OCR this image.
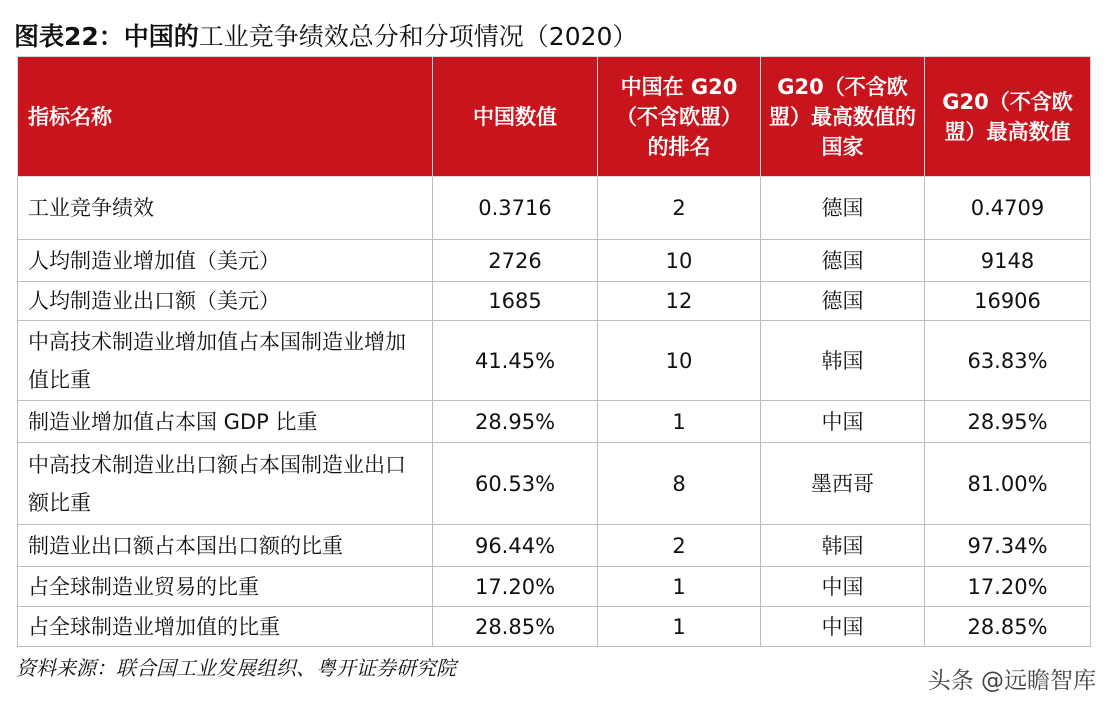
图表22：中国的工业竞争绩效总分和分项情况（2020）
指标名称	中国数值	中国在 G20（不含欧盟）的排名	G20（不含欧盟）最高数值的国家	G20（不含欧盟）最高数值
工业竞争绩效	0.3716	2	德国	0.4709
人均制造业增加值（美元）	2726	10	德国	9148
人均制造业出口额（美元）	1685	12	德国	16906
中高技术制造业增加值占本国制造业增加值比重	41.45%	10	韩国	63.83%
制造业增加值占本国 GDP 比重	28.95%	1	中国	28.95%
中高技术制造业出口额占本国制造业出口额比重	60.53%	8	墨西哥	81.00%
制造业出口额占本国出口额的比重	96.44%	2	韩国	97.34%
占全球制造业贸易的比重	17.20%	1	中国	17.20%
占全球制造业增加值的比重	28.85%	1	中国	28.85%
资料来源：联合国工业发展组织、粤开证券研究院	头条 @远瞻智库
